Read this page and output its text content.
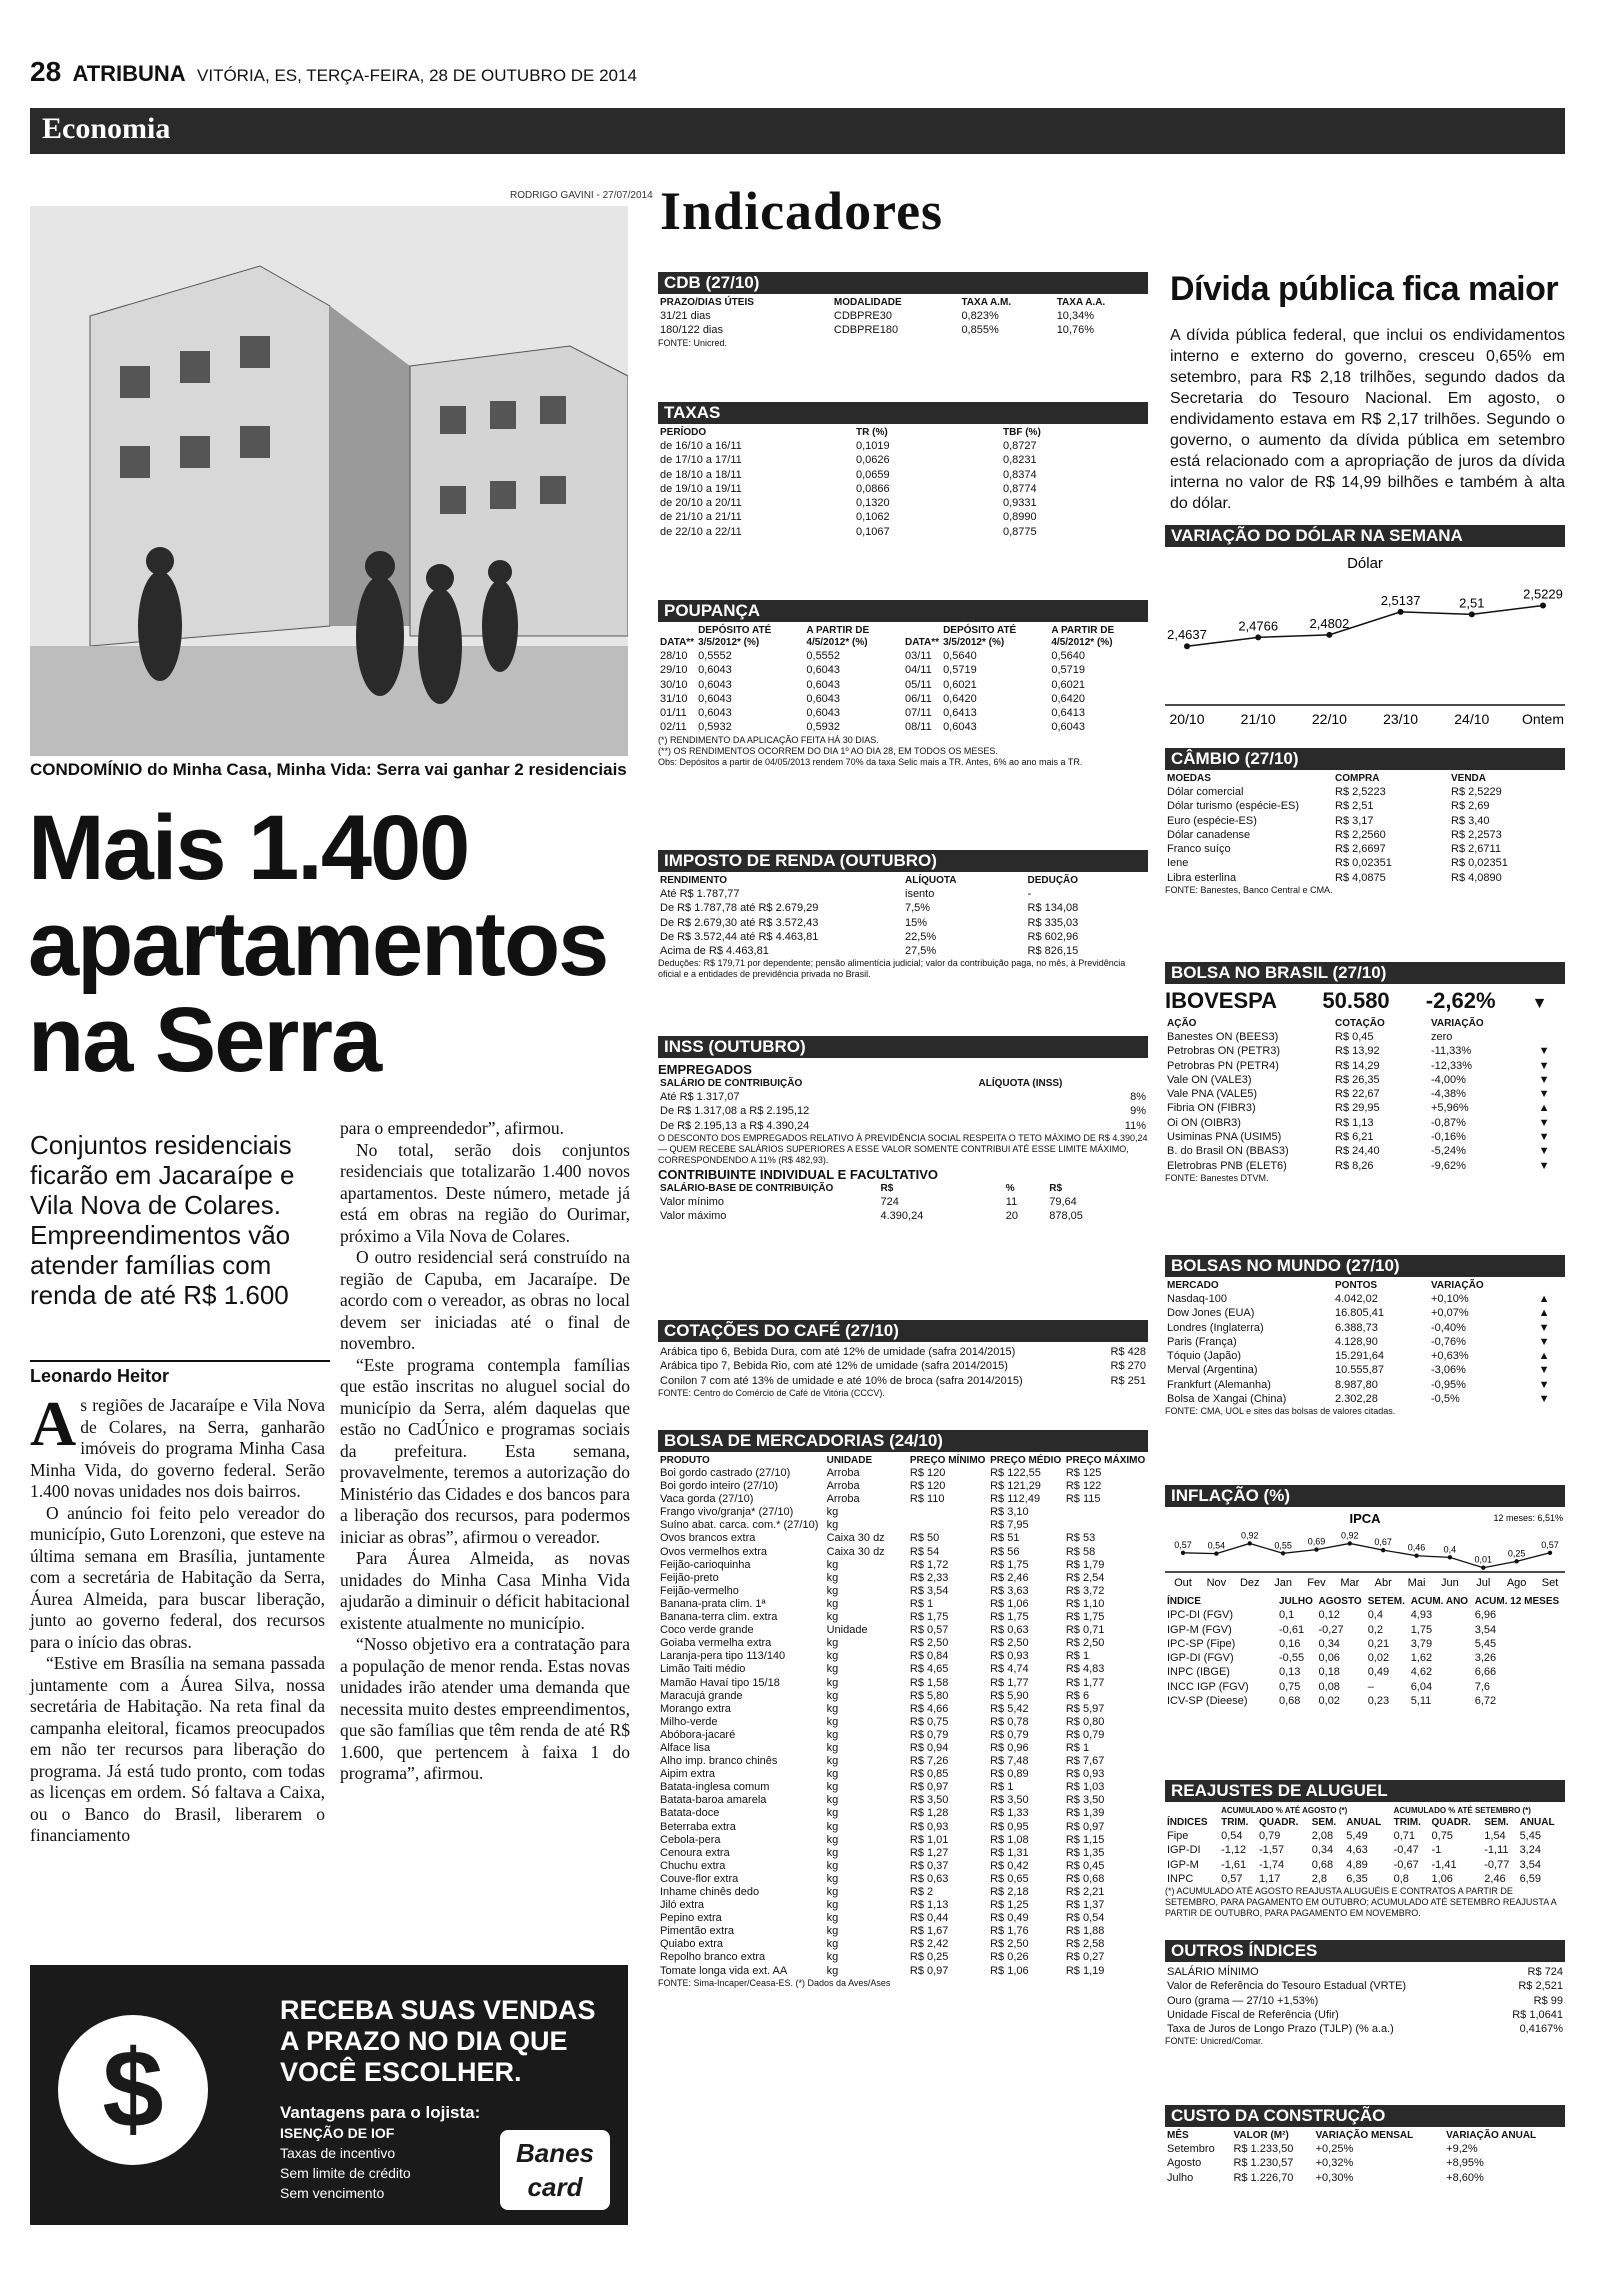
28 ATRIBUNA VITÓRIA, ES, TERÇA-FEIRA, 28 DE OUTUBRO DE 2014
Economia
RODRIGO GAVINI - 27/07/2014
CONDOMÍNIO do Minha Casa, Minha Vida: Serra vai ganhar 2 residenciais
Mais 1.400 apartamentos na Serra
Conjuntos residenciais ficarão em Jacaraípe e Vila Nova de Colares. Empreendimentos vão atender famílias com renda de até R$ 1.600
Leonardo Heitor

As regiões de Jacaraípe e Vila Nova de Colares, na Serra, ganharão imóveis do programa Minha Casa Minha Vida, do governo federal. Serão 1.400 novas unidades nos dois bairros.

O anúncio foi feito pelo vereador do município, Guto Lorenzoni, que esteve na última semana em Brasília, juntamente com a secretária de Habitação da Serra, Áurea Almeida, para buscar liberação, junto ao governo federal, dos recursos para o início das obras.

“Estive em Brasília na semana passada juntamente com a Áurea Silva, nossa secretária de Habitação. Na reta final da campanha eleitoral, ficamos preocupados em não ter recursos para liberação do programa. Já está tudo pronto, com todas as licenças em ordem. Só faltava a Caixa, ou o Banco do Brasil, liberarem o financiamento

para o empreendedor”, afirmou.

No total, serão dois conjuntos residenciais que totalizarão 1.400 novos apartamentos. Deste número, metade já está em obras na região do Ourimar, próximo a Vila Nova de Colares.

O outro residencial será construído na região de Capuba, em Jacaraípe. De acordo com o vereador, as obras no local devem ser iniciadas até o final de novembro.

“Este programa contempla famílias que estão inscritas no aluguel social do município da Serra, além daquelas que estão no CadÚnico e programas sociais da prefeitura. Esta semana, provavelmente, teremos a autorização do Ministério das Cidades e dos bancos para a liberação dos recursos, para podermos iniciar as obras”, afirmou o vereador.

Para Áurea Almeida, as novas unidades do Minha Casa Minha Vida ajudarão a diminuir o déficit habitacional existente atualmente no município.

“Nosso objetivo era a contratação para a população de menor renda. Estas novas unidades irão atender uma demanda que necessita muito destes empreendimentos, que são famílias que têm renda de até R$ 1.600, que pertencem à faixa 1 do programa”, afirmou.

$
RECEBA SUAS VENDAS
A PRAZO NO DIA QUE
VOCÊ ESCOLHER.
Vantagens para o lojista:
ISENÇÃO DE IOF
Taxas de incentivo
Sem limite de crédito
Sem vencimento
Banes
card
Indicadores
CDB (27/10)
PRAZO/DIAS ÚTEIS	MODALIDADE	TAXA A.M.	TAXA A.A.
31/21 dias	CDBPRE30	0,823%	10,34%
180/122 dias	CDBPRE180	0,855%	10,76%
FONTE: Unicred.
TAXAS
PERÍODO	TR (%)	TBF (%)
de 16/10 a 16/11	0,1019	0,8727
de 17/10 a 17/11	0,0626	0,8231
de 18/10 a 18/11	0,0659	0,8374
de 19/10 a 19/11	0,0866	0,8774
de 20/10 a 20/11	0,1320	0,9331
de 21/10 a 21/11	0,1062	0,8990
de 22/10 a 22/11	0,1067	0,8775
POUPANÇA
DATA**	DEPÓSITO ATÉ 3/5/2012* (%)	A PARTIR DE 4/5/2012* (%)	DATA**	DEPÓSITO ATÉ 3/5/2012* (%)	A PARTIR DE 4/5/2012* (%)
28/10	0,5552	0,5552	03/11	0,5640	0,5640
29/10	0,6043	0,6043	04/11	0,5719	0,5719
30/10	0,6043	0,6043	05/11	0,6021	0,6021
31/10	0,6043	0,6043	06/11	0,6420	0,6420
01/11	0,6043	0,6043	07/11	0,6413	0,6413
02/11	0,5932	0,5932	08/11	0,6043	0,6043
(*) RENDIMENTO DA APLICAÇÃO FEITA HÁ 30 DIAS.
(**) OS RENDIMENTOS OCORREM DO DIA 1º AO DIA 28, EM TODOS OS MESES.
Obs: Depósitos a partir de 04/05/2013 rendem 70% da taxa Selic mais a TR. Antes, 6% ao ano mais a TR.
IMPOSTO DE RENDA (OUTUBRO)
RENDIMENTO	ALÍQUOTA	DEDUÇÃO
Até R$ 1.787,77	isento	-
De R$ 1.787,78 até R$ 2.679,29	7,5%	R$ 134,08
De R$ 2.679,30 até R$ 3.572,43	15%	R$ 335,03
De R$ 3.572,44 até R$ 4.463,81	22,5%	R$ 602,96
Acima de R$ 4.463,81	27,5%	R$ 826,15
Deduções: R$ 179,71 por dependente; pensão alimentícia judicial; valor da contribuição paga, no mês, à Previdência oficial e a entidades de previdência privada no Brasil.
INSS (OUTUBRO)
EMPREGADOS
SALÁRIO DE CONTRIBUIÇÃO	ALÍQUOTA (INSS)
Até R$ 1.317,07	8%
De R$ 1.317,08 a R$ 2.195,12	9%
De R$ 2.195,13 a R$ 4.390,24	11%
O DESCONTO DOS EMPREGADOS RELATIVO À PREVIDÊNCIA SOCIAL RESPEITA O TETO MÁXIMO DE R$ 4.390,24 — QUEM RECEBE SALÁRIOS SUPERIORES A ESSE VALOR SOMENTE CONTRIBUI ATÉ ESSE LIMITE MÁXIMO, CORRESPONDENDO A 11% (R$ 482,93).
CONTRIBUINTE INDIVIDUAL E FACULTATIVO
SALÁRIO-BASE DE CONTRIBUIÇÃO	R$	%	R$
Valor mínimo	724	11	79,64
Valor máximo	4.390,24	20	878,05
COTAÇÕES DO CAFÉ (27/10)
Arábica tipo 6, Bebida Dura, com até 12% de umidade (safra 2014/2015)	R$ 428
Arábica tipo 7, Bebida Rio, com até 12% de umidade (safra 2014/2015)	R$ 270
Conilon 7 com até 13% de umidade e até 10% de broca (safra 2014/2015)	R$ 251
FONTE: Centro do Comércio de Café de Vitória (CCCV).
BOLSA DE MERCADORIAS (24/10)
PRODUTO	UNIDADE	PREÇO MÍNIMO	PREÇO MÉDIO	PREÇO MÁXIMO
Boi gordo castrado (27/10)	Arroba	R$ 120	R$ 122,55	R$ 125
Boi gordo inteiro (27/10)	Arroba	R$ 120	R$ 121,29	R$ 122
Vaca gorda (27/10)	Arroba	R$ 110	R$ 112,49	R$ 115
Frango vivo/granja* (27/10)	kg		R$ 3,10	
Suíno abat. carca. com.* (27/10)	kg		R$ 7,95	
Ovos brancos extra	Caixa 30 dz	R$ 50	R$ 51	R$ 53
Ovos vermelhos extra	Caixa 30 dz	R$ 54	R$ 56	R$ 58
Feijão-carioquinha	kg	R$ 1,72	R$ 1,75	R$ 1,79
Feijão-preto	kg	R$ 2,33	R$ 2,46	R$ 2,54
Feijão-vermelho	kg	R$ 3,54	R$ 3,63	R$ 3,72
Banana-prata clim. 1ª	kg	R$ 1	R$ 1,06	R$ 1,10
Banana-terra clim. extra	kg	R$ 1,75	R$ 1,75	R$ 1,75
Coco verde grande	Unidade	R$ 0,57	R$ 0,63	R$ 0,71
Goiaba vermelha extra	kg	R$ 2,50	R$ 2,50	R$ 2,50
Laranja-pera tipo 113/140	kg	R$ 0,84	R$ 0,93	R$ 1
Limão Taiti médio	kg	R$ 4,65	R$ 4,74	R$ 4,83
Mamão Havaí tipo 15/18	kg	R$ 1,58	R$ 1,77	R$ 1,77
Maracujá grande	kg	R$ 5,80	R$ 5,90	R$ 6
Morango extra	kg	R$ 4,66	R$ 5,42	R$ 5,97
Milho-verde	kg	R$ 0,75	R$ 0,78	R$ 0,80
Abóbora-jacaré	kg	R$ 0,79	R$ 0,79	R$ 0,79
Alface lisa	kg	R$ 0,94	R$ 0,96	R$ 1
Alho imp. branco chinês	kg	R$ 7,26	R$ 7,48	R$ 7,67
Aipim extra	kg	R$ 0,85	R$ 0,89	R$ 0,93
Batata-inglesa comum	kg	R$ 0,97	R$ 1	R$ 1,03
Batata-baroa amarela	kg	R$ 3,50	R$ 3,50	R$ 3,50
Batata-doce	kg	R$ 1,28	R$ 1,33	R$ 1,39
Beterraba extra	kg	R$ 0,93	R$ 0,95	R$ 0,97
Cebola-pera	kg	R$ 1,01	R$ 1,08	R$ 1,15
Cenoura extra	kg	R$ 1,27	R$ 1,31	R$ 1,35
Chuchu extra	kg	R$ 0,37	R$ 0,42	R$ 0,45
Couve-flor extra	kg	R$ 0,63	R$ 0,65	R$ 0,68
Inhame chinês dedo	kg	R$ 2	R$ 2,18	R$ 2,21
Jiló extra	kg	R$ 1,13	R$ 1,25	R$ 1,37
Pepino extra	kg	R$ 0,44	R$ 0,49	R$ 0,54
Pimentão extra	kg	R$ 1,67	R$ 1,76	R$ 1,88
Quiabo extra	kg	R$ 2,42	R$ 2,50	R$ 2,58
Repolho branco extra	kg	R$ 0,25	R$ 0,26	R$ 0,27
Tomate longa vida ext. AA	kg	R$ 0,97	R$ 1,06	R$ 1,19
FONTE: Sima-Incaper/Ceasa-ES. (*) Dados da Aves/Ases
Dívida pública fica maior
A dívida pública federal, que inclui os endividamentos interno e externo do governo, cresceu 0,65% em setembro, para R$ 2,18 trilhões, segundo dados da Secretaria do Tesouro Nacional. Em agosto, o endividamento estava em R$ 2,17 trilhões. Segundo o governo, o aumento da dívida pública em setembro está relacionado com a apropriação de juros da dívida interna no valor de R$ 14,99 bilhões e também à alta do dólar.
VARIAÇÃO DO DÓLAR NA SEMANA
Dólar
2,4637
20/10
2,4766
21/10
2,4802
22/10
2,5137
23/10
2,51
24/10
2,5229
Ontem
CÂMBIO (27/10)
MOEDAS	COMPRA	VENDA
Dólar comercial	R$ 2,5223	R$ 2,5229
Dólar turismo (espécie-ES)	R$ 2,51	R$ 2,69
Euro (espécie-ES)	R$ 3,17	R$ 3,40
Dólar canadense	R$ 2,2560	R$ 2,2573
Franco suíço	R$ 2,6697	R$ 2,6711
Iene	R$ 0,02351	R$ 0,02351
Libra esterlina	R$ 4,0875	R$ 4,0890
FONTE: Banestes, Banco Central e CMA.
BOLSA NO BRASIL (27/10)
IBOVESPA 50.580 -2,62% ▼
AÇÃO	COTAÇÃO	VARIAÇÃO	
Banestes ON (BEES3)	R$ 0,45	zero	
Petrobras ON (PETR3)	R$ 13,92	-11,33%	▼
Petrobras PN (PETR4)	R$ 14,29	-12,33%	▼
Vale ON (VALE3)	R$ 26,35	-4,00%	▼
Vale PNA (VALE5)	R$ 22,67	-4,38%	▼
Fibria ON (FIBR3)	R$ 29,95	+5,96%	▲
Oi ON (OIBR3)	R$ 1,13	-0,87%	▼
Usiminas PNA (USIM5)	R$ 6,21	-0,16%	▼
B. do Brasil ON (BBAS3)	R$ 24,40	-5,24%	▼
Eletrobras PNB (ELET6)	R$ 8,26	-9,62%	▼
FONTE: Banestes DTVM.
BOLSAS NO MUNDO (27/10)
MERCADO	PONTOS	VARIAÇÃO	
Nasdaq-100	4.042,02	+0,10%	▲
Dow Jones (EUA)	16.805,41	+0,07%	▲
Londres (Inglaterra)	6.388,73	-0,40%	▼
Paris (França)	4.128,90	-0,76%	▼
Tóquio (Japão)	15.291,64	+0,63%	▲
Merval (Argentina)	10.555,87	-3,06%	▼
Frankfurt (Alemanha)	8.987,80	-0,95%	▼
Bolsa de Xangai (China)	2.302,28	-0,5%	▼
FONTE: CMA, UOL e sites das bolsas de valores citadas.
INFLAÇÃO (%)
IPCA	12 meses: 6,51%
0,57
Out
0,54
Nov
0,92
Dez
0,55
Jan
0,69
Fev
0,92
Mar
0,67
Abr
0,46
Mai
0,4
Jun
0,01
Jul
0,25
Ago
0,57
Set
ÍNDICE	JULHO	AGOSTO	SETEM.	ACUM. ANO	ACUM. 12 MESES
IPC-DI (FGV)	0,1	0,12	0,4	4,93	6,96
IGP-M (FGV)	-0,61	-0,27	0,2	1,75	3,54
IPC-SP (Fipe)	0,16	0,34	0,21	3,79	5,45
IGP-DI (FGV)	-0,55	0,06	0,02	1,62	3,26
INPC (IBGE)	0,13	0,18	0,49	4,62	6,66
INCC IGP (FGV)	0,75	0,08	–	6,04	7,6
ICV-SP (Dieese)	0,68	0,02	0,23	5,11	6,72
REAJUSTES DE ALUGUEL
	ACUMULADO % ATÉ AGOSTO (*)				ACUMULADO % ATÉ SETEMBRO (*)			
ÍNDICES	TRIM.	QUADR.	SEM.	ANUAL	TRIM.	QUADR.	SEM.	ANUAL
Fipe	0,54	0,79	2,08	5,49	0,71	0,75	1,54	5,45
IGP-DI	-1,12	-1,57	0,34	4,63	-0,47	-1	-1,11	3,24
IGP-M	-1,61	-1,74	0,68	4,89	-0,67	-1,41	-0,77	3,54
INPC	0,57	1,17	2,8	6,35	0,8	1,06	2,46	6,59
(*) ACUMULADO ATÉ AGOSTO REAJUSTA ALUGUÉIS E CONTRATOS A PARTIR DE SETEMBRO, PARA PAGAMENTO EM OUTUBRO; ACUMULADO ATÉ SETEMBRO REAJUSTA A PARTIR DE OUTUBRO, PARA PAGAMENTO EM NOVEMBRO.
OUTROS ÍNDICES
SALÁRIO MÍNIMO	R$ 724
Valor de Referência do Tesouro Estadual (VRTE)	R$ 2,521
Ouro (grama — 27/10 +1,53%)	R$ 99
Unidade Fiscal de Referência (Ufir)	R$ 1,0641
Taxa de Juros de Longo Prazo (TJLP) (% a.a.)	0,4167%
FONTE: Unicred/Comar.
CUSTO DA CONSTRUÇÃO
MÊS	VALOR (M²)	VARIAÇÃO MENSAL	VARIAÇÃO ANUAL
Setembro	R$ 1.233,50	+0,25%	+9,2%
Agosto	R$ 1.230,57	+0,32%	+8,95%
Julho	R$ 1.226,70	+0,30%	+8,60%
